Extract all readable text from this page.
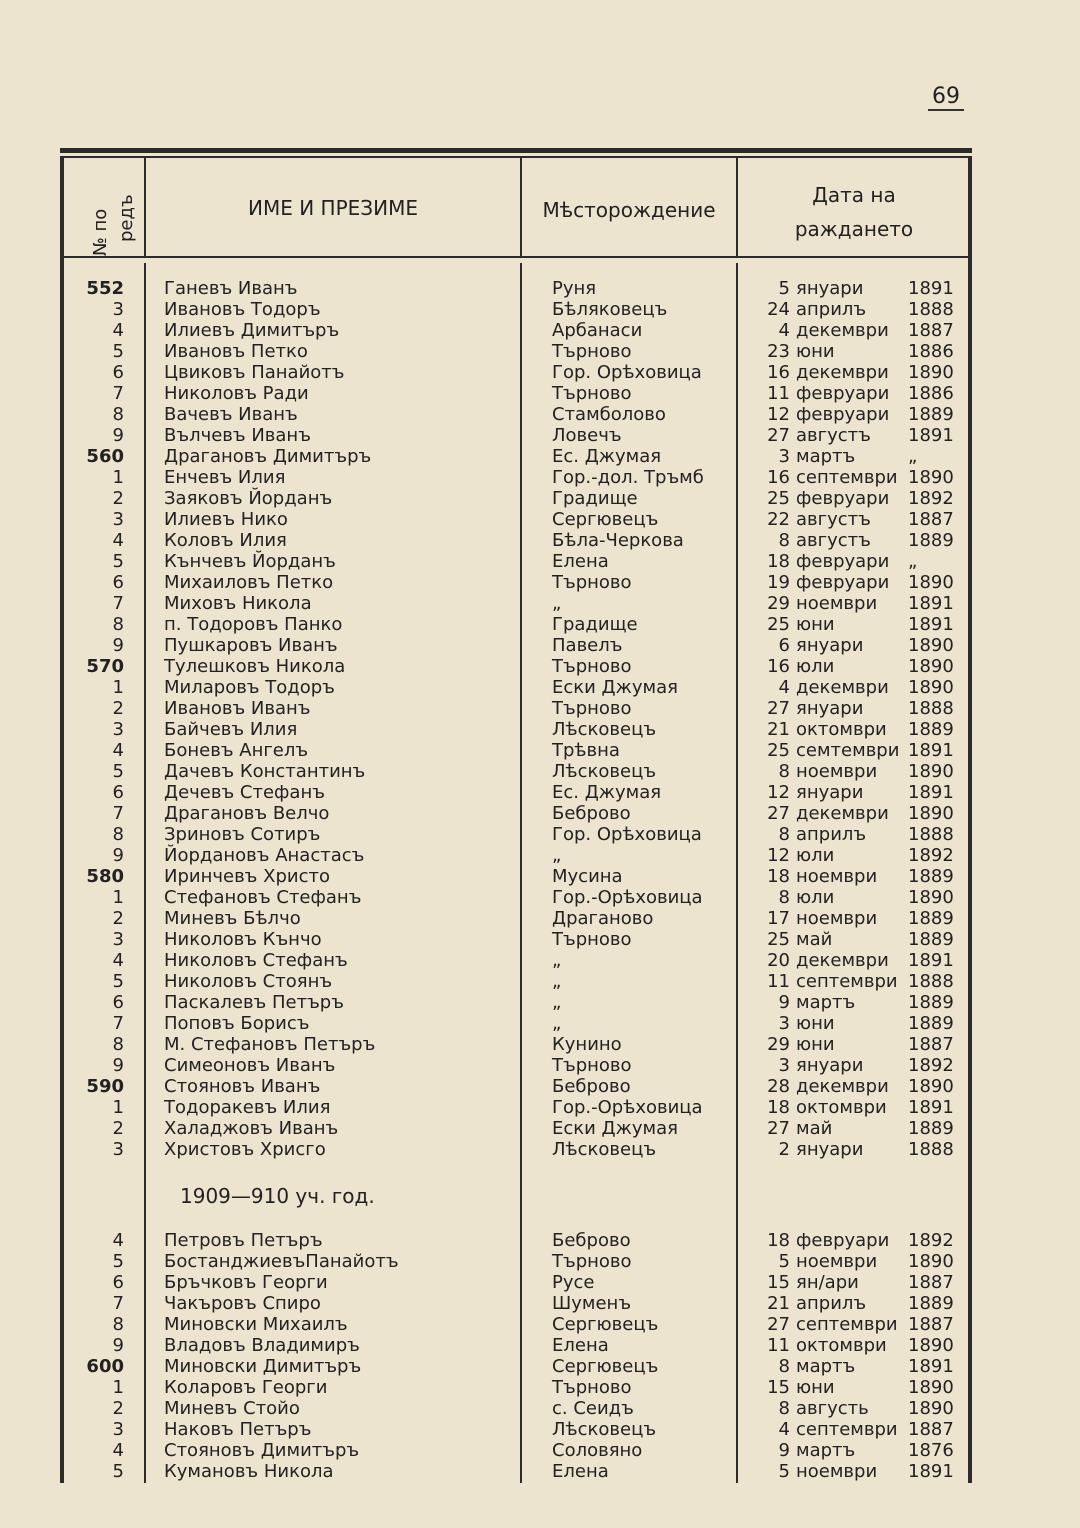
69
№ по редъ	ИМЕ И ПРЕЗИМЕ	Мѣсторождение
Дата на
раждането
552 Ганевъ Иванъ	Руня	5 януари	1891
3 Ивановъ Тодоръ	Бѣляковецъ	24 априлъ	1888
4 Илиевъ Димитъръ	Арбанаси	4 декември	1887
5 Ивановъ Петко	Търново	23 юни	1886
6 Цвиковъ Панайотъ	Гор. Орѣховица	16 декември	1890
7 Николовъ Ради	Търново	11 февруари	1886
8 Вачевъ Иванъ	Стамболово	12 февруари	1889
9 Вълчевъ Иванъ	Ловечъ	27 августъ	1891
560 Драгановъ Димитъръ	Ес. Джумая	3 мартъ	„
1 Енчевъ Илия	Гор.-дол. Тръмб	16 септември 1890
2 Заяковъ Йорданъ	Градище	25 февруари	1892
3 Илиевъ Нико	Сергювецъ	22 августъ	1887
4 Коловъ Илия	Бѣла-Черкова	8 августъ	1889
5 Кънчевъ Йорданъ	Елена	18 февруари	„
6 Михаиловъ Петко	Търново	19 февруари	1890
7 Миховъ Никола	„	29 ноември	1891
8 п. Тодоровъ Панко	Градище	25 юни	1891
9 Пушкаровъ Иванъ	Павелъ	6 януари	1890
570 Тулешковъ Никола	Търново	16 юли	1890
1 Миларовъ Тодоръ	Ески Джумая	4 декември	1890
2 Ивановъ Иванъ	Търново	27 януари	1888
3 Байчевъ Илия	Лѣсковецъ	21 октомври	1889
4 Боневъ Ангелъ	Трѣвна	25 семтември 1891
5 Дачевъ Константинъ	Лѣсковецъ	8 ноември	1890
6 Дечевъ Стефанъ	Ес. Джумая	12 януари	1891
7 Драгановъ Велчо	Беброво	27 декември	1890
8 Зриновъ Сотиръ	Гор. Орѣховица	8 априлъ	1888
9 Йордановъ Анастасъ	„	12 юли	1892
580 Иринчевъ Христо	Мусина	18 ноември	1889
1 Стефановъ Стефанъ	Гор.-Орѣховица	8 юли	1890
2 Миневъ Бѣлчо	Драганово	17 ноември	1889
3 Николовъ Кънчо	Търново	25 май	1889
4 Николовъ Стефанъ	„	20 декември	1891
5 Николовъ Стоянъ	„	11 септември 1888
6 Паскалевъ Петъръ	„	9 мартъ	1889
7 Поповъ Борисъ	„	3 юни	1889
8 М. Стефановъ Петъръ	Кунино	29 юни	1887
9 Симеоновъ Иванъ	Търново	3 януари	1892
590 Стояновъ Иванъ	Беброво	28 декември	1890
1 Тодоракевъ Илия	Гор.-Орѣховица	18 октомври	1891
2 Халаджовъ Иванъ	Ески Джумая	27 май	1889
3 Христовъ Хрисго	Лѣсковецъ	2 януари	1888
1909—910 уч. год.
4 Петровъ Петъръ	Беброво	18 февруари	1892
5 БостанджиевъПанайотъ	Търново	5 ноември	1890
6 Бръчковъ Георги	Русе	15 ян/ари	1887
7 Чакъровъ Спиро	Шуменъ	21 априлъ	1889
8 Миновски Михаилъ	Сергювецъ	27 септември 1887
9 Владовъ Владимиръ	Елена	11 октомври	1890
600 Миновски Димитъръ	Сергювецъ	8 мартъ	1891
1 Коларовъ Георги	Търново	15 юни	1890
2 Миневъ Стойо	с. Сеидъ	8 августь	1890
3 Наковъ Петъръ	Лѣсковецъ	4 септември 1887
4 Стояновъ Димитъръ	Соловяно	9 мартъ	1876
5 Кумановъ Никола	Елена	5 ноември	1891
